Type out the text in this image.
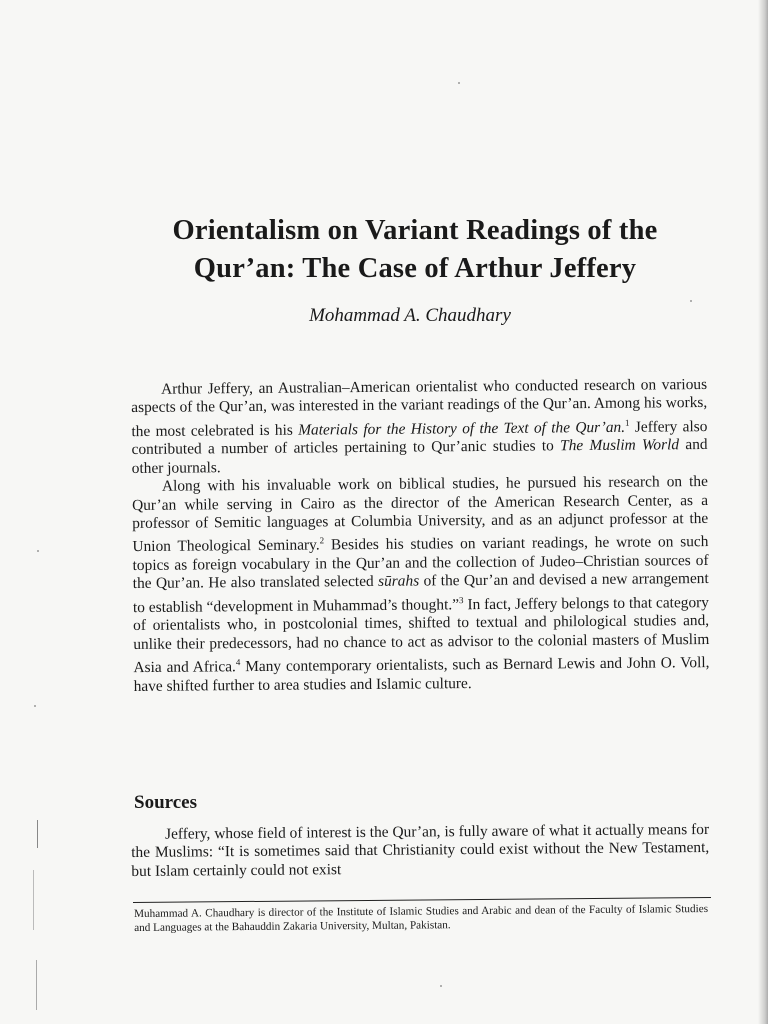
Orientalism on Variant Readings of the Qur’an: The Case of Arthur Jeffery

Mohammad A. Chaudhary

Arthur Jeffery, an Australian–American orientalist who conducted research on various aspects of the Qur’an, was interested in the variant readings of the Qur’an. Among his works, the most celebrated is his Materials for the History of the Text of the Qur’an.$^1$ Jeffery also contributed a number of articles pertaining to Qur’anic studies to The Muslim World and other journals.

Along with his invaluable work on biblical studies, he pursued his research on the Qur’an while serving in Cairo as the director of the American Research Center, as a professor of Semitic languages at Columbia University, and as an adjunct professor at the Union Theological Seminary.$^2$ Besides his studies on variant readings, he wrote on such topics as foreign vocabulary in the Qur’an and the collection of Judeo–Christian sources of the Qur’an. He also translated selected sūrahs of the Qur’an and devised a new arrangement to establish “development in Muhammad’s thought.”$^3$ In fact, Jeffery belongs to that category of orientalists who, in postcolonial times, shifted to textual and philological studies and, unlike their predecessors, had no chance to act as advisor to the colonial masters of Muslim Asia and Africa.$^4$ Many contemporary orientalists, such as Bernard Lewis and John O. Voll, have shifted further to area studies and Islamic culture.

Sources

Jeffery, whose field of interest is the Qur’an, is fully aware of what it actually means for the Muslims: “It is sometimes said that Christianity could exist without the New Testament, but Islam certainly could not exist

Muhammad A. Chaudhary is director of the Institute of Islamic Studies and Arabic and dean of the Faculty of Islamic Studies and Languages at the Bahauddin Zakaria University, Multan, Pakistan.
